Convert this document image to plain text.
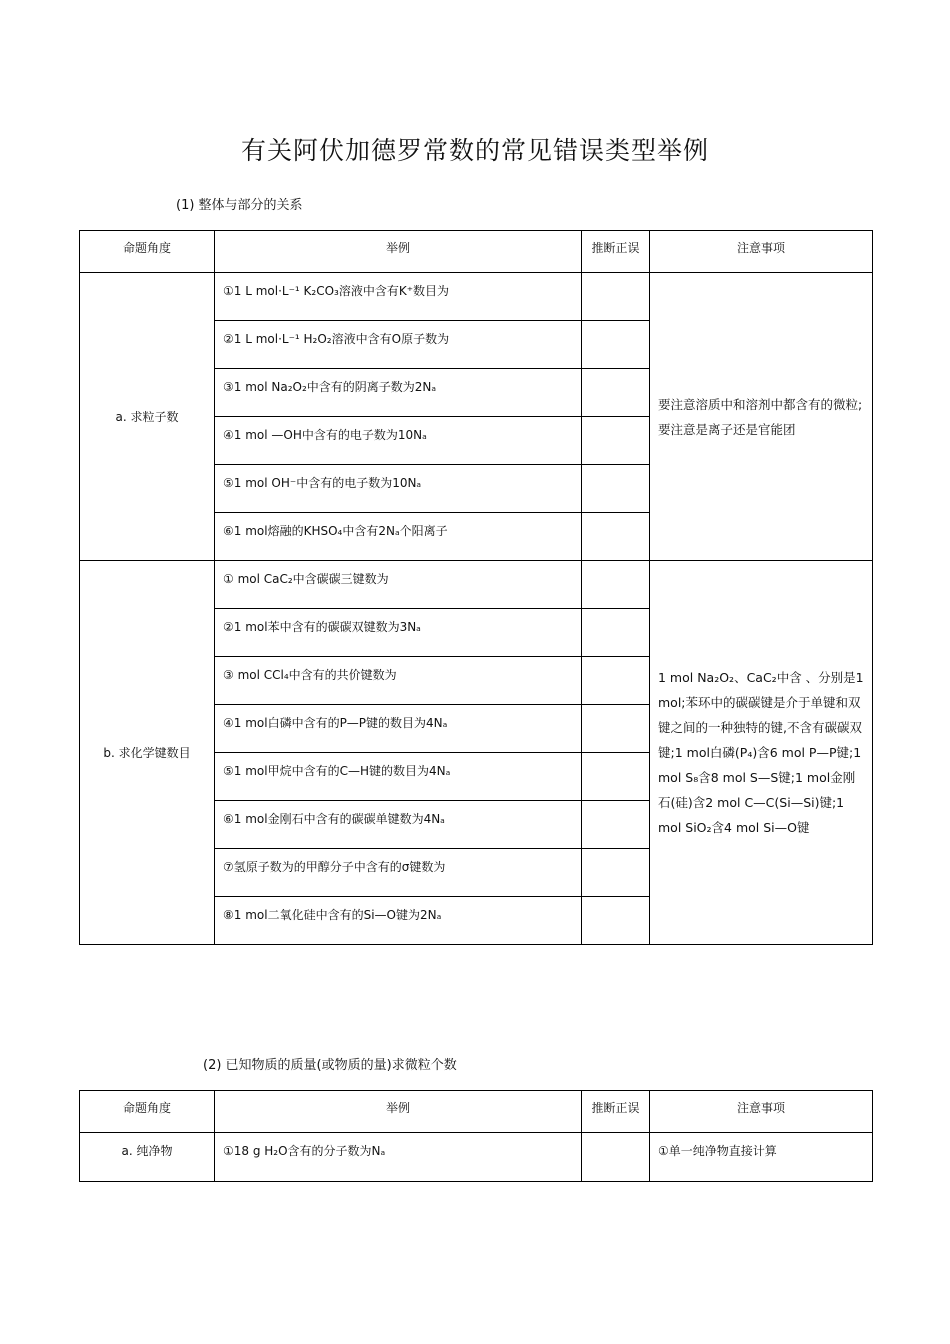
有关阿伏加德罗常数的常见错误类型举例
(1) 整体与部分的关系
命题角度	举例	推断正误	注意事项
a. 求粒子数	①1 L mol·L⁻¹ K₂CO₃溶液中含有K⁺数目为		要注意溶质中和溶剂中都含有的微粒;要注意是离子还是官能团
	②1 L mol·L⁻¹ H₂O₂溶液中含有O原子数为		
	③1 mol Na₂O₂中含有的阴离子数为2Nₐ		
	④1 mol —OH中含有的电子数为10Nₐ		
	⑤1 mol OH⁻中含有的电子数为10Nₐ		
	⑥1 mol熔融的KHSO₄中含有2Nₐ个阳离子		
b. 求化学键数目	① mol CaC₂中含碳碳三键数为		1 mol Na₂O₂、CaC₂中含 、分别是1 mol;苯环中的碳碳键是介于单键和双键之间的一种独特的键,不含有碳碳双键;1 mol白磷(P₄)含6 mol P—P键;1 mol S₈含8 mol S—S键;1 mol金刚石(硅)含2 mol C—C(Si—Si)键;1 mol SiO₂含4 mol Si—O键
	②1 mol苯中含有的碳碳双键数为3Nₐ		
	③ mol CCl₄中含有的共价键数为		
	④1 mol白磷中含有的P—P键的数目为4Nₐ		
	⑤1 mol甲烷中含有的C—H键的数目为4Nₐ		
	⑥1 mol金刚石中含有的碳碳单键数为4Nₐ		
	⑦氢原子数为的甲醇分子中含有的σ键数为		
	⑧1 mol二氧化硅中含有的Si—O键为2Nₐ		
(2) 已知物质的质量(或物质的量)求微粒个数
命题角度	举例	推断正误	注意事项
a. 纯净物	①18 g H₂O含有的分子数为Nₐ		①单一纯净物直接计算
